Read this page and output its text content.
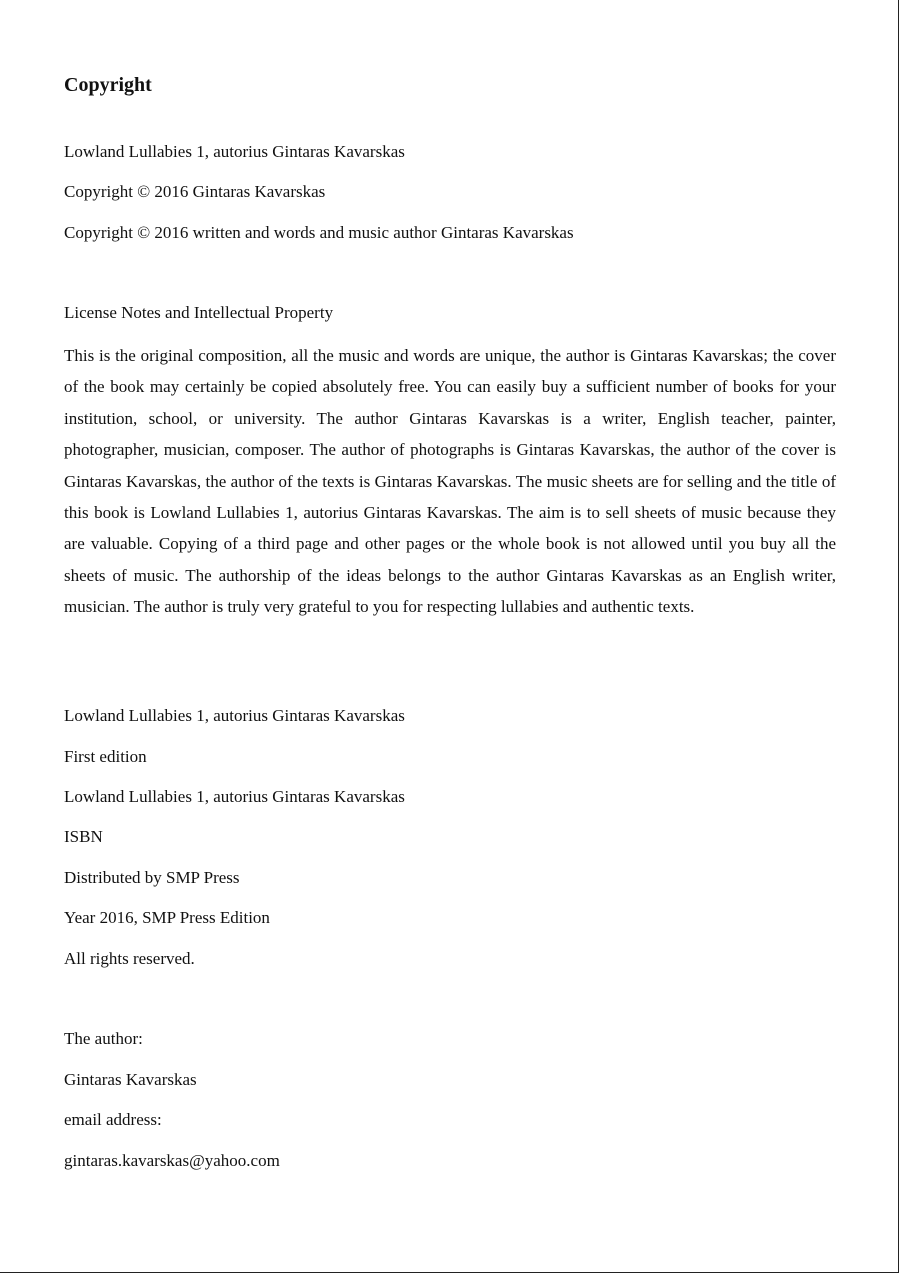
Copyright

Lowland Lullabies 1, autorius Gintaras Kavarskas

Copyright © 2016 Gintaras Kavarskas

Copyright © 2016 written and words and music author Gintaras Kavarskas

License Notes and Intellectual Property

This is the original composition, all the music and words are unique, the author is Gintaras Kavarskas; the cover of the book may certainly be copied absolutely free. You can easily buy a sufficient number of books for your institution, school, or university. The author Gintaras Kavarskas is a writer, English teacher, painter, photographer, musician, composer. The author of photographs is Gintaras Kavarskas, the author of the cover is Gintaras Kavarskas, the author of the texts is Gintaras Kavarskas. The music sheets are for selling and the title of this book is Lowland Lullabies 1, autorius Gintaras Kavarskas. The aim is to sell sheets of music because they are valuable. Copying of a third page and other pages or the whole book is not allowed until you buy all the sheets of music. The authorship of the ideas belongs to the author Gintaras Kavarskas as an English writer, musician. The author is truly very grateful to you for respecting lullabies and authentic texts.

Lowland Lullabies 1, autorius Gintaras Kavarskas

First edition

Lowland Lullabies 1, autorius Gintaras Kavarskas

ISBN

Distributed by SMP Press

Year 2016, SMP Press Edition

All rights reserved.

The author:

Gintaras Kavarskas

email address:

gintaras.kavarskas@yahoo.com
